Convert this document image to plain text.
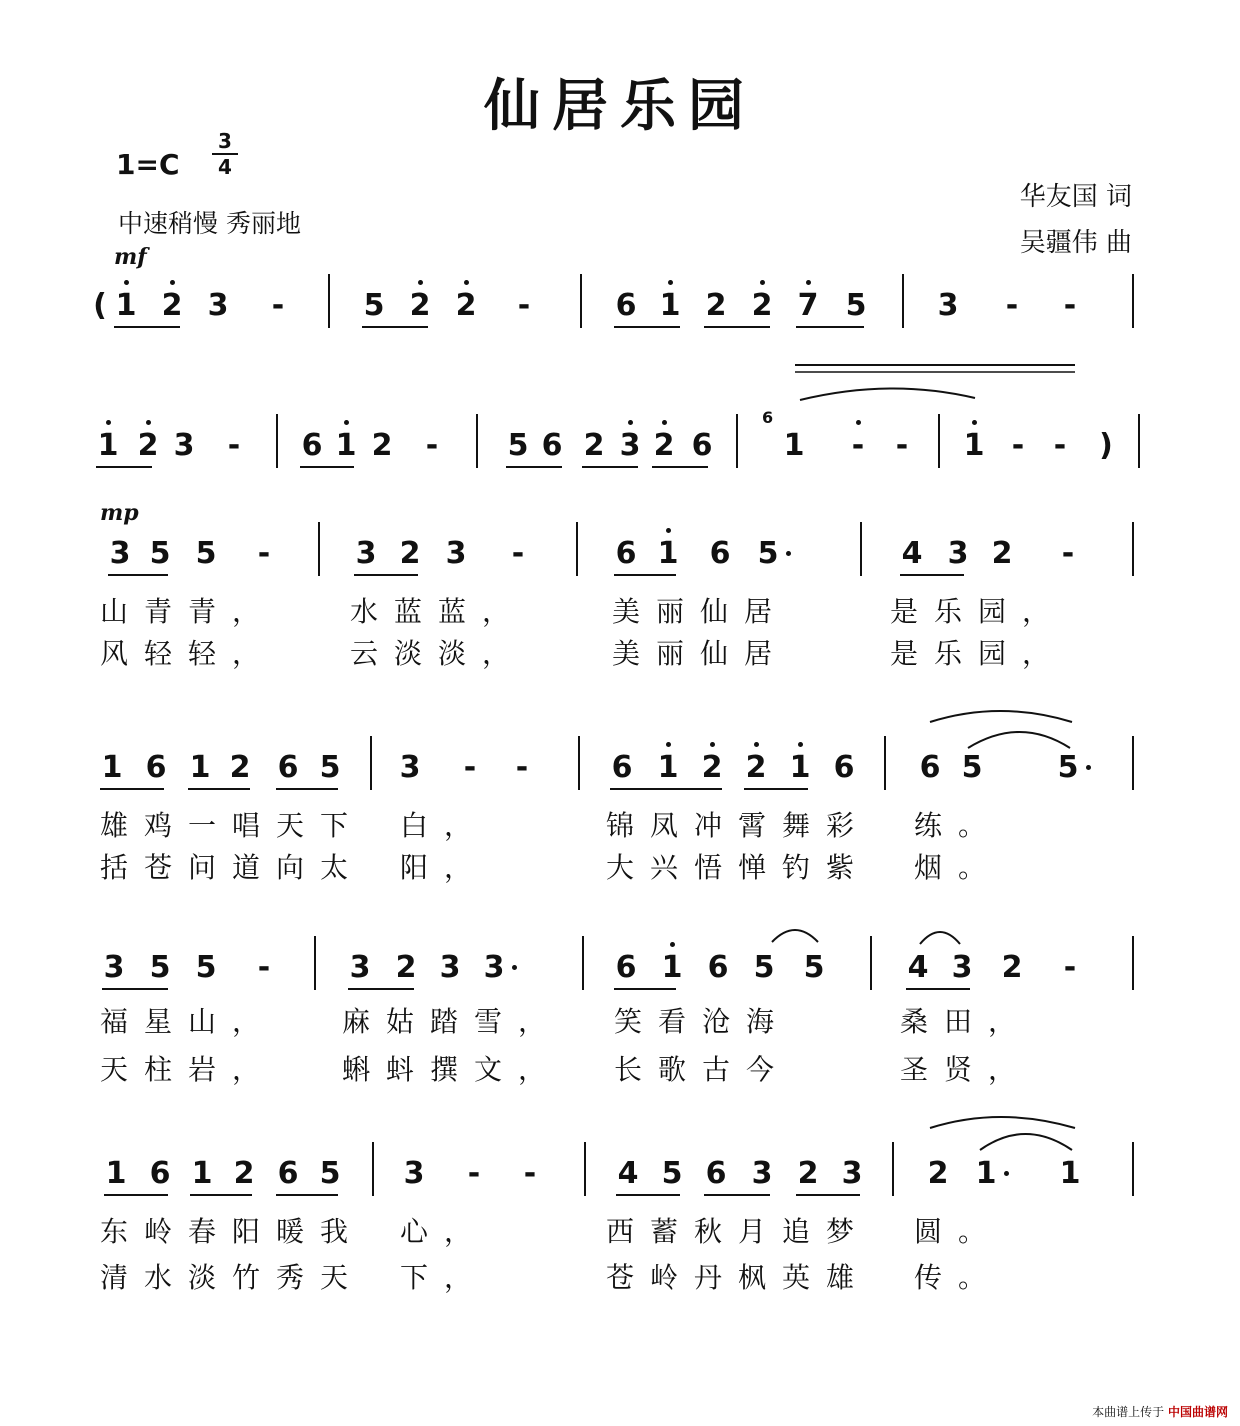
仙居乐园
1=C
3
4
中速稍慢 秀丽地
华友国 词
吴疆伟 曲
mf
mp
6
( 1 2 3 -	5 2 2 -	6 1 2 2 7 5 3 - -
1 2 3 - 6 1 2 - 5 6 2 3 2 6 1 - - 1 - - )
3 5 5 -	3 2 3 -	6 1 6 5	4 3 2 -
山青青，	水蓝蓝，	美丽仙居	是乐园，
风轻轻，	云淡淡，	美丽仙居	是乐园，
1 6 1 2 6 5 3 - -	6 1 2 2 1 6 6 5	5
雄鸡一唱天下 白，	锦凤冲霄舞彩 练。
括苍问道向太 阳，	大兴悟惮钓紫 烟。
3 5 5 -	3 2 3 3	6 1 6 5 5	4 3 2 -
福星山， 麻姑踏雪， 笑看沧海	桑田，
天柱岩， 蝌蚪撰文， 长歌古今	圣贤，
1 6 1 2 6 5 3 - -	4 5 6 3 2 3 2 1 1
东岭春阳暖我 心，	西蓄秋月追梦 圆。
清水淡竹秀天 下，	苍岭丹枫英雄 传。
本曲谱上传于 中国曲谱网
